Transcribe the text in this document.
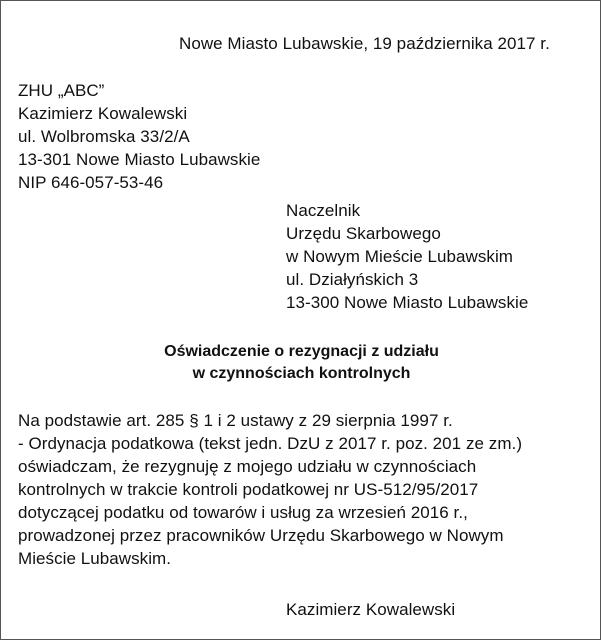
Nowe Miasto Lubawskie, 19 października 2017 r.
ZHU „ABC”
Kazimierz Kowalewski
ul. Wolbromska 33/2/A
13-301 Nowe Miasto Lubawskie
NIP 646-057-53-46
Naczelnik
Urzędu Skarbowego
w Nowym Mieście Lubawskim
ul. Działyńskich 3
13-300 Nowe Miasto Lubawskie
Oświadczenie o rezygnacji z udziału
w czynnościach kontrolnych
Na podstawie art. 285 § 1 i 2 ustawy z 29 sierpnia 1997 r.
- Ordynacja podatkowa (tekst jedn. DzU z 2017 r. poz. 201 ze zm.)
oświadczam, że rezygnuję z mojego udziału w czynnościach
kontrolnych w trakcie kontroli podatkowej nr US-512/95/2017
dotyczącej podatku od towarów i usług za wrzesień 2016 r.,
prowadzonej przez pracowników Urzędu Skarbowego w Nowym
Mieście Lubawskim.
Kazimierz Kowalewski
